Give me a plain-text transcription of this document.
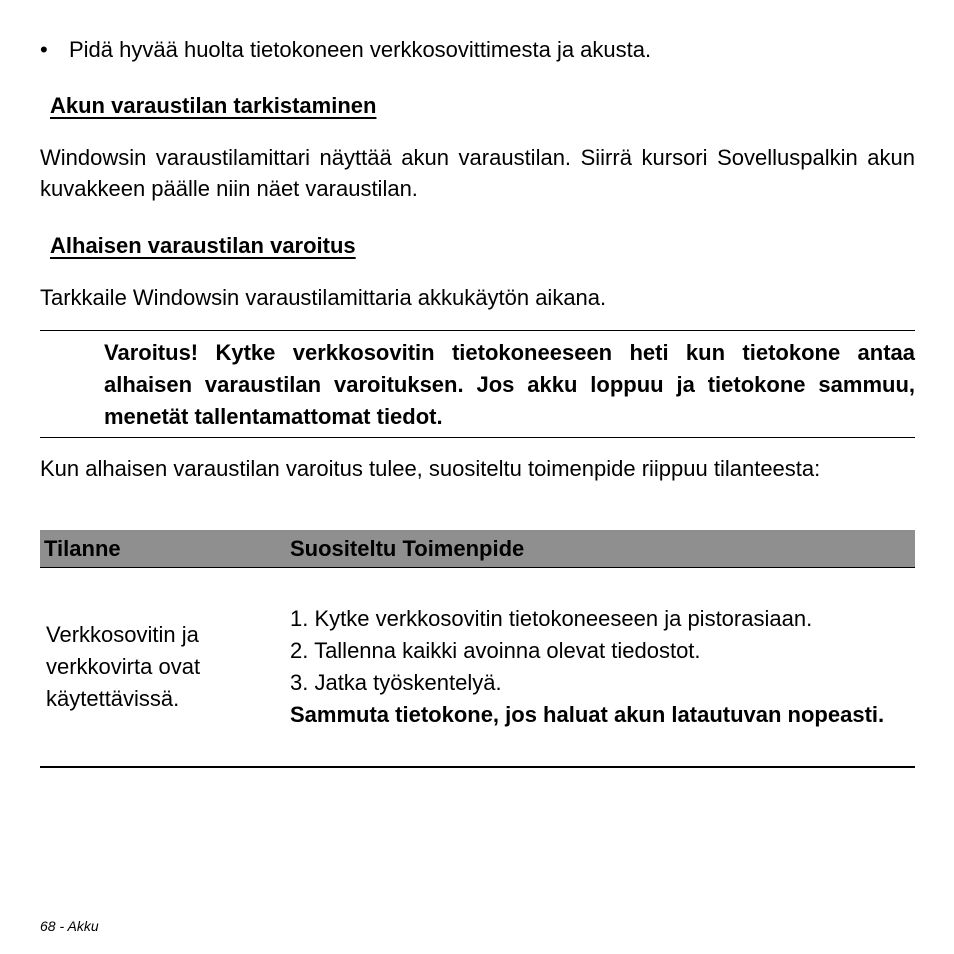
• Pidä hyvää huolta tietokoneen verkkosovittimesta ja akusta.
Akun varaustilan tarkistaminen
Windowsin varaustilamittari näyttää akun varaustilan. Siirrä kursori Sovelluspalkin akun kuvakkeen päälle niin näet varaustilan.
Alhaisen varaustilan varoitus
Tarkkaile Windowsin varaustilamittaria akkukäytön aikana.
Varoitus! Kytke verkkosovitin tietokoneeseen heti kun tietokone antaa alhaisen varaustilan varoituksen. Jos akku loppuu ja tietokone sammuu, menetät tallentamattomat tiedot.
Kun alhaisen varaustilan varoitus tulee, suositeltu toimenpide riippuu tilanteesta:
Tilanne	Suositeltu Toimenpide
Verkkosovitin ja verkkovirta ovat käytettävissä.	1. Kytke verkkosovitin tietokoneeseen ja pistorasiaan.
2. Tallenna kaikki avoinna olevat tiedostot.
3. Jatka työskentelyä.
Sammuta tietokone, jos haluat akun latautuvan nopeasti.
68 - Akku
